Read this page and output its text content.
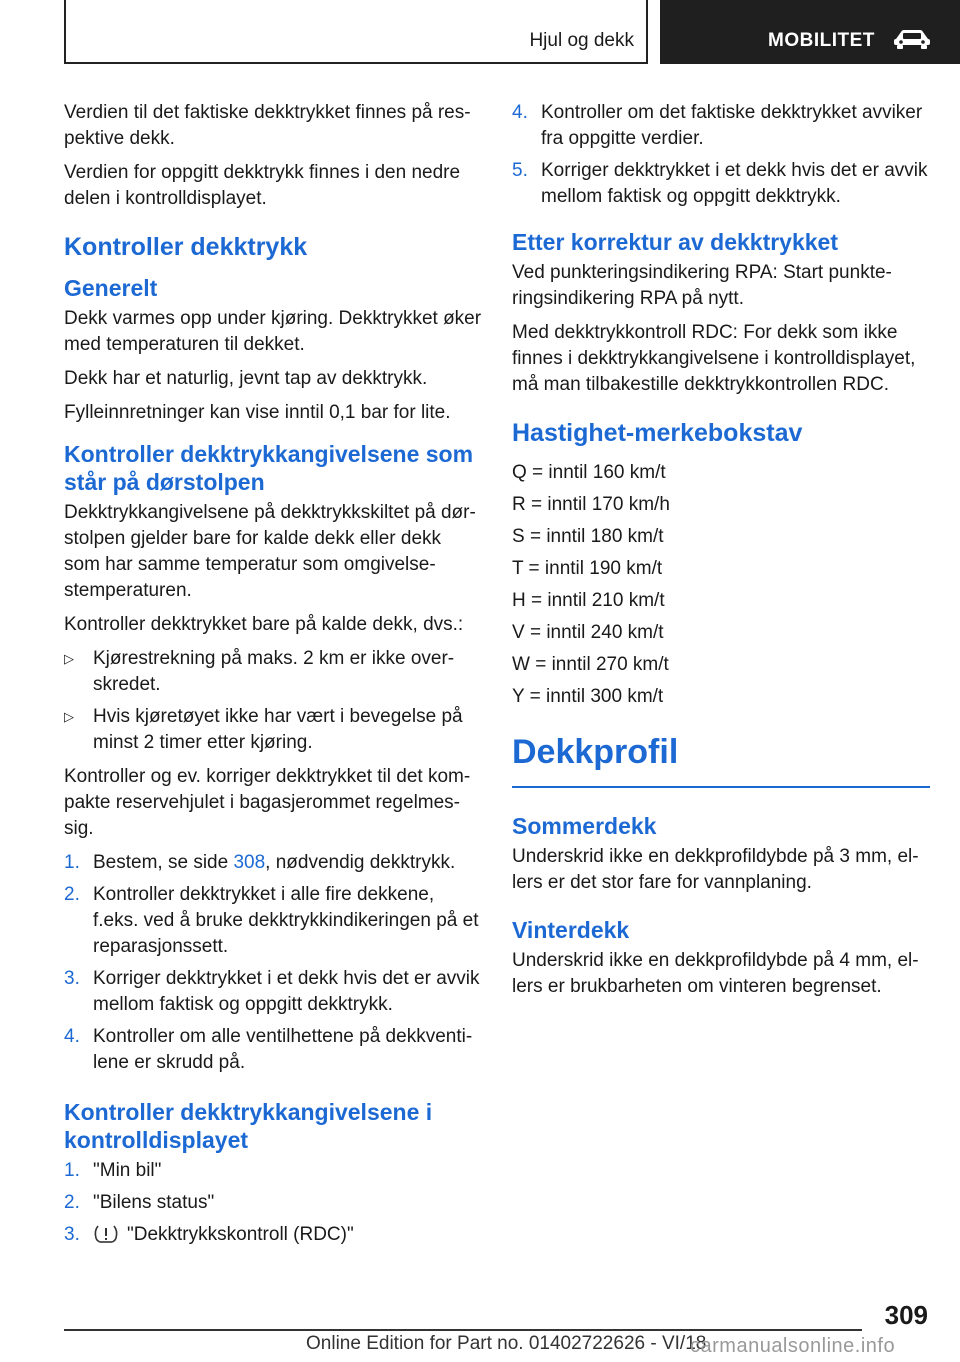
Hjul og dekk	MOBILITET

Verdien til det faktiske dekktrykket finnes på res-pektive dekk.

Verdien for oppgitt dekktrykk finnes i den nedre delen i kontrolldisplayet.

Kontroller dekktrykk
Generelt

Dekk varmes opp under kjøring. Dekktrykket øker med temperaturen til dekket.

Dekk har et naturlig, jevnt tap av dekktrykk.

Fylleinnretninger kan vise inntil 0,1 bar for lite.

Kontroller dekktrykkangivelsene som står på dørstolpen

Dekktrykkangivelsene på dekktrykkskiltet på dør-stolpen gjelder bare for kalde dekk eller dekk som har samme temperatur som omgivelse-stemperaturen.

Kontroller dekktrykket bare på kalde dekk, dvs.:

▷ Kjørestrekning på maks. 2 km er ikke over-skredet.
▷ Hvis kjøretøyet ikke har vært i bevegelse på minst 2 timer etter kjøring.

Kontroller og ev. korriger dekktrykket til det kom-pakte reservehjulet i bagasjerommet regelmes-sig.

1. Bestem, se side 308, nødvendig dekktrykk.
2. Kontroller dekktrykket i alle fire dekkene, f.eks. ved å bruke dekktrykkindikeringen på et reparasjonssett.
3. Korriger dekktrykket i et dekk hvis det er avvik mellom faktisk og oppgitt dekktrykk.
4. Kontroller om alle ventilhettene på dekkventi-lene er skrudd på.
Kontroller dekktrykkangivelsene i kontrolldisplayet
1. "Min bil"
2. "Bilens status"
3. "Dekktrykkskontroll (RDC)"
4. Kontroller om det faktiske dekktrykket avviker fra oppgitte verdier.
5. Korriger dekktrykket i et dekk hvis det er avvik mellom faktisk og oppgitt dekktrykk.
Etter korrektur av dekktrykket

Ved punkteringsindikering RPA: Start punkte-ringsindikering RPA på nytt.

Med dekktrykkontroll RDC: For dekk som ikke finnes i dekktrykkangivelsene i kontrolldisplayet, må man tilbakestille dekktrykkontrollen RDC.

Hastighet-merkebokstav

Q = inntil 160 km/t

R = inntil 170 km/h

S = inntil 180 km/t

T = inntil 190 km/t

H = inntil 210 km/t

V = inntil 240 km/t

W = inntil 270 km/t

Y = inntil 300 km/t

Dekkprofil
Sommerdekk

Underskrid ikke en dekkprofildybde på 3 mm, el-lers er det stor fare for vannplaning.

Vinterdekk

Underskrid ikke en dekkprofildybde på 4 mm, el-lers er brukbarheten om vinteren begrenset.

309
Online Edition for Part no. 01402722626 - VI/18
carmanualsonline.info
